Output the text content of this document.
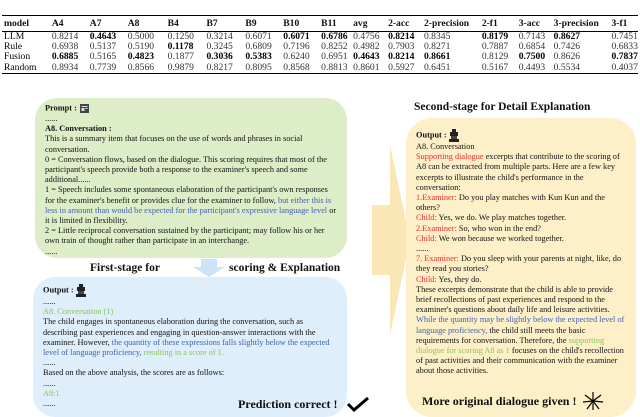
model	A4	A7	A8	B4	B7	B9	B10	B11	avg	2-acc	2-precision	2-f1	3-acc	3-precision	3-f1
LLM	0.8214	0.4643	0.5000	0.1250	0.3214	0.6071	0.6071	0.6786	0.4756	0.8214	0.8345	0.8179	0.7143	0.8627	0.7451
Rule	0.6938	0.5137	0.5190	0.1178	0.3245	0.6809	0.7196	0.8252	0.4982	0.7903	0.8271	0.7887	0.6854	0.7426	0.6833
Fusion	0.6885	0.5165	0.4823	0.1877	0.3036	0.5383	0.6240	0.6951	0.4643	0.8214	0.8661	0.8129	0.7500	0.8626	0.7837
Random	0.8934	0.7739	0.8566	0.9879	0.8217	0.8095	0.8568	0.8813	0.8601	0.5927	0.6451	0.5167	0.4493	0.5534	0.4037
Prompt :
......
A8. Conversation :
This is a summary item that focuses on the use of words and phrases in social conversation.
0 = Conversation flows, based on the dialogue. This scoring requires that most of the participant's speech provide both a response to the examiner's speech and some additional......
1 = Speech includes some spontaneous elaboration of the participant's own responses for the examiner's benefit or provides clue for the examiner to follow, but either this is less in amount than would be expected for the participant's expressive language level or it is limited in flexibility.
2 = Little reciprocal conversation sustained by the participant; may follow his or her own train of thought rather than participate in an interchange.
......
First-stage for	scoring & Explanation
Output :
......
A8. Conversation (1)
The child engages in spontaneous elaboration during the conversation, such as describing past experiences and engaging in question-answer interactions with the examiner. However, the quantity of these expressions falls slightly below the expected level of language proficiency, resulting in a score of 1.
......
Based on the above analysis, the scores are as follows:
......
A8:1
......	Prediction correct !
Second-stage for Detail Explanation
Output :
A8. Conversation
Supporting dialogue excerpts that contribute to the scoring of A8 can be extracted from multiple parts. Here are a few key excerpts to illustrate the child's performance in the conversation:
1.Examiner: Do you play matches with Kun Kun and the others?
Child: Yes, we do. We play matches together.
2.Examiner: So, who won in the end?
Child: We won because we worked together.
......
7. Examiner: Do you sleep with your parents at night, like, do they read you stories?
Child: Yes, they do.
These excerpts demonstrate that the child is able to provide brief recollections of past experiences and respond to the examiner's questions about daily life and leisure activities. While the quantity may be slightly below the expected level of language proficiency, the child still meets the basic requirements for conversation. Therefore, the supporting dialogue for scoring A8 as 1 focuses on the child's recollection of past activities and their communication with the examiner about those activities.
More original dialogue given !
